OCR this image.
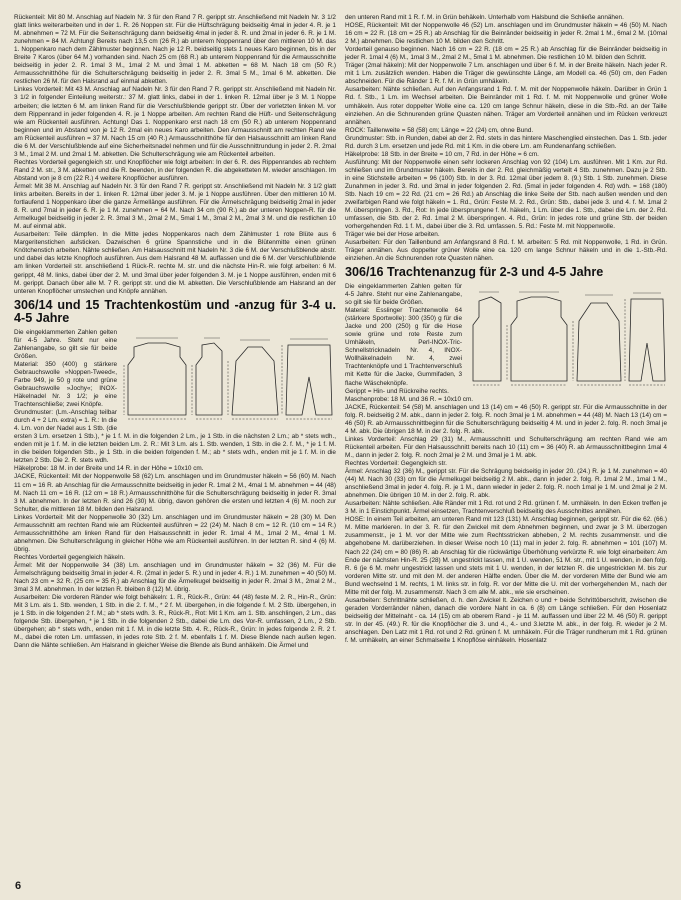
Rückenteil: Mit 80 M. Anschlag auf Nadeln Nr. 3 für den Rand 7 R. gerippt str. Anschließend mit Nadeln Nr. 3 1/2 glatt links weiterarbeiten und in der 1. R. 26 Noppen str. Für die Hüftschrägung beidseitig 4mal in jeder 4. R. je 1 M. abnehmen = 72 M. Für die Seitenschrägung dann beidseitig 4mal in jeder 8. R. und 2mal in jeder 6. R. je 1 M. zunehmen = 84 M. Achtung! Bereits nach 13,5 cm (26 R.) ab unterem Noppenrand über den mittleren 10 M. das 1. Noppenkaro nach dem Zählmuster beginnen. Nach je 12 R. beidseitig stets 1 neues Karo beginnen, bis in der Breite 7 Karos (über 64 M.) vorhanden sind. Nach 25 cm (68 R.) ab unterem Noppenrand für die Armausschnitte beidseitig in jeder 2. R. 1mal 3 M., 1mal 2 M. und 3mal 1 M. abketten = 68 M. Nach 18 cm (50 R.) Armausschnitthöhe für die Schulterschrägung beidseitig in jeder 2. R. 3mal 5 M., 1mal 6 M. abketten. Die restlichen 26 M. für den Halsrand auf einmal abketten.

Linkes Vorderteil: Mit 43 M. Anschlag auf Nadeln Nr. 3 für den Rand 7 R. gerippt str. Anschließend mit Nadeln Nr. 3 1/2 in folgender Einteilung weiterstr.: 37 M. glatt links, dabei in der 1. linken R. 12mal über je 3 M. 1 Noppe arbeiten; die letzten 6 M. am linken Rand für die Verschlußblende gerippt str. Über der vorletzten linken M. vor dem Rippenrand in jeder folgenden 4. R. je 1 Noppe arbeiten. Am rechten Rand die Hüft- und Seitenschrägung wie am Rückenteil ausführen. Achtung! Das 1. Noppenkaro erst nach 18 cm (50 R.) ab unterem Noppenrand beginnen und im Abstand von je 12 R. 2mal ein neues Karo arbeiten. Den Armausschnitt am rechten Rand wie am Rückenteil ausführen = 37 M. Nach 15 cm (40 R.) Armausschnitthöhe für den Halsausschnitt am linken Rand die 6 M. der Verschlußblende auf eine Sicherheitsnadel nehmen und für die Ausschnittrundung in jeder 2. R. 2mal 3 M., 1mal 2 M. und 2mal 1 M. abketten. Die Schulterschrägung wie am Rückenteil arbeiten.

Rechtes Vorderteil gegengleich str. und Knopflöcher wie folgt arbeiten: In der 6. R. des Rippenrandes ab rechtem Rand 2 M. str., 3 M. abketten und die R. beenden, in der folgenden R. die abgeketteten M. wieder anschlagen. Im Abstand von je 8 cm (22 R.) 4 weitere Knopflöcher ausführen.

Ärmel: Mit 38 M. Anschlag auf Nadeln Nr. 3 für den Rand 7 R. gerippt str. Anschließend mit Nadeln Nr. 3 1/2 glatt links arbeiten. Bereits in der 1. linken R. 12mal über jeder 3. M. je 1 Noppe ausführen. Über den mittleren 10 M. fortlaufend 1 Noppenkaro über die ganze Ärmellänge ausführen. Für die Ärmelschrägung beidseitig 2mal in jeder 8. R. und 7mal in jeder 6. R. je 1 M. zunehmen = 64 M. Nach 34 cm (90 R.) ab der unteren Noppen-R. für die Armelkugel beidseitig in jeder 2. R. 3mal 3 M., 2mal 2 M., 5mal 1 M., 3mal 2 M., 2mal 3 M. und die restlichen 10 M. auf einmal abk.

Ausarbeiten: Teile dämpfen. In die Mitte jedes Noppenkaros nach dem Zählmuster 1 rote Blüte aus 6 Margeritenstichen aufsticken. Dazwischen 6 grüne Spannstiche und in die Blütenmitte einen grünen Knötchenstich arbeiten. Nähte schließen. Am Halsausschnitt mit Nadeln Nr. 3 die 6 M. der Verschlußblende abstr. und dabei das letzte Knopfloch ausführen. Aus dem Halsrand 48 M. auffassen und die 6 M. der Verschlußblende am linken Vorderteil str. anschließend 1 Rück-R. rechte M. str. und die nächste Hin-R. wie folgt arbeiten: 6 M. gerippt, 48 M. links, dabei über der 2. M. und 3mal über jeder folgenden 3. M. je 1 Noppe ausführen, enden mit 6 M. gerippt. Danach über alle M. 7 R. gerippt str. und die M. abketten. Die Verschlußblende am Halsrand an der unteren Knopflöcher umstechen und Knöpfe annähen.

306/14 und 15 Trachtenkostüm und -anzug für 3-4 u. 4-5 Jahre

Die eingeklammerten Zahlen gelten für 4-5 Jahre. Steht nur eine Zahlenangabe, so gilt sie für beide Größen.

Material: 350 (400) g stärkere Gebrauchswolle »Noppen-Tweed«, Farbe 949, je 50 g rote und grüne Gebrauchswolle »Jochy«; INOX-Häkelnadel Nr. 3 1/2; je eine Trachtenschließe; zwei Knöpfe.

Grundmuster: (Lm.-Anschlag teilbar durch 4 + 2 Lm. extra) = 1. R.: In die 4. Lm. von der Nadel aus 1 Stb. (die ersten 3 Lm. ersetzen 1 Stb.), * je 1 f. M. in die folgenden 2 Lm., je 1 Stb. in die nächsten 2 Lm.; ab * stets wdh., enden mit je 1 f. M. in die letzten beiden Lm. 2. R.: Mit 3 Lm. als 1. Stb. wenden, 1 Stb. in die 2. f. M., * je 1 f. M. in die beiden folgenden Stb., je 1 Stb. in die beiden folgenden f. M.; ab * stets wdh., enden mit je 1 f. M. in die letzten 2 Stb. Die 2. R. stets wdh.

Häkelprobe: 18 M. in der Breite und 14 R. in der Höhe = 10x10 cm.

JACKE, Rückenteil: Mit der Noppenwolle 58 (62) Lm. anschlagen und im Grundmuster häkeln = 56 (60) M. Nach 11 cm = 16 R. ab Anschlag für die Armausschnitte beidseitig in jeder R. 1mal 2 M., 4mal 1 M. abnehmen = 44 (48) M. Nach 11 cm = 16 R. (12 cm = 18 R.) Armausschnitthöhe für die Schulterschrägung beidseitig in jeder R. 3mal 3 M. abnehmen. In der letzten R. sind 26 (30) M. übrig, davon gehören die ersten und letzten 4 (6) M. noch zur Schulter, die mittleren 18 M. bilden den Halsrand.

Linkes Vorderteil: Mit der Noppenwolle 30 (32) Lm. anschlagen und im Grundmuster häkeln = 28 (30) M. Den Armausschnitt am rechten Rand wie am Rückenteil ausführen = 22 (24) M. Nach 8 cm = 12 R. (10 cm = 14 R.) Armausschnitthöhe am linken Rand für den Halsausschnitt in jeder R. 1mal 4 M., 1mal 2 M., 4mal 1 M. abnehmen. Die Schulterschrägung in gleicher Höhe wie am Rückenteil ausführen. In der letzten R. sind 4 (6) M. übrig.

Rechtes Vorderteil gegengleich häkeln.

Ärmel: Mit der Noppenwolle 34 (38) Lm. anschlagen und im Grundmuster häkeln = 32 (36) M. Für die Ärmelschrägung beidseitig 3mal in jeder 4. R. (2mal in jeder 5. R.) und in jeder 4. R.) 1 M. zunehmen = 40 (50) M. Nach 23 cm = 32 R. (25 cm = 35 R.) ab Anschlag für die Ärmelkugel beidseitig in jeder R. 2mal 3 M., 2mal 2 M., 3mal 3 M. abnehmen. In der letzten R. bleiben 8 (12) M. übrig.

Ausarbeiten: Die vorderen Ränder wie folgt behäkeln: 1. R., Rück-R., Grün: 44 (48) feste M. 2. R., Hin-R., Grün: Mit 3 Lm. als 1. Stb. wenden, 1 Stb. in die 2. f. M., * 2 f. M. übergehen, in die folgende f. M. 2 Stb. übergehen, in je 1 Stb. in die folgenden 2 f. M.; ab * stets wdh. 3. R., Rück-R., Rot: Mit 1 Km. am 1. Stb. anschlingen, 2 Lm., das folgende Stb. übergehen, * je 1 Stb. in die folgenden 2 Stb., dabei die Lm. des Vor-R. umfassen, 2 Lm., 2 Stb. übergehen; ab * stets wdh., enden mit 1 f. M. in die letzte Stb. 4. R., Rück-R., Grün: In jedes folgende 2. R. 2 f. M., dabei die roten Lm. umfassen, in jedes rote Stb. 2 f. M. ebenfalls 1 f. M. Diese Blende nach außen legen. Dann die Nähte schließen. Am Halsrand in gleicher Weise die Blende als Bund anhäkeln. Die Ärmel und

den unteren Rand mit 1 R. f. M. in Grün behäkeln. Unterhalb vom Halsbund die Schließe annähen.

HOSE, Rückenteil: Mit der Noppenwolle 46 (52) Lm. anschlagen und im Grundmuster häkeln = 46 (50) M. Nach 16 cm = 22 R. (18 cm = 25 R.) ab Anschlag für die Beinränder beidseitig in jeder R. 2mal 1 M., 6mal 2 M. (10mal 2 M.) abnehmen. Die restlichen 10 M. bilden den Schritt.

Vorderteil genauso beginnen. Nach 16 cm = 22 R. (18 cm = 25 R.) ab Anschlag für die Beinränder beidseitig in jeder R. 1mal 4 (6) M., 1mal 3 M., 2mal 2 M., 5mal 1 M. abnehmen. Die restlichen 10 M. bilden den Schritt.

Träger (2mal häkeln): Mit der Noppenwolle 7 Lm. anschlagen und über 6 f. M. in der Breite häkeln. Nach jeder R. mit 1 Lm. zusätzlich wenden. Haben die Träger die gewünschte Länge, am Modell ca. 46 (50) cm, den Faden abschneiden. Für die Ränder 1 R. f. M. in Grün umhäkeln.

Ausarbeiten: Nähte schließen. Auf den Anfangsrand 1 Rd. f. M. mit der Noppenwolle häkeln. Darüber in Grün 1 Rd. f. Stb., 1 Lm. im Wechsel arbeiten. Die Beinränder mit 1 Rd. f. M. mit Noppenwolle und grüner Wolle umhäkeln. Aus roter doppelter Wolle eine ca. 120 cm lange Schnur häkeln, diese in die Stb.-Rd. an der Taille einziehen. An die Schnurenden grüne Quasten nähen. Träger am Vorderteil annähen und im Rücken verkreuzt annähen.

ROCK: Taillenweite = 58 (58) cm; Länge = 22 (24) cm, ohne Bund.

Grundmuster: Stb. in Runden, dabei ab der 2. Rd. stets in das hintere Maschenglied einstechen. Das 1. Stb. jeder Rd. durch 3 Lm. ersetzen und jede Rd. mit 1 Km. in die obere Lm. am Rundenanfang schließen.

Häkelprobe: 18 Stb. in der Breite = 10 cm, 7 Rd. in der Höhe = 6 cm.

Ausführung: Mit der Noppenwolle einen sehr lockeren Anschlag von 92 (104) Lm. ausführen. Mit 1 Km. zur Rd. schließen und im Grundmuster häkeln. Bereits in der 2. Rd. gleichmäßig verteilt 4 Stb. zunehmen. Dazu je 2 Stb. in eine Stichstelle arbeiten = 96 (100) Stb. In der 3. Rd. 12mal über jedem 8. (9.) Stb. 1 Stb. zunehmen. Diese Zunahmen in jeder 3. Rd. und 3mal in jeder folgenden 2. Rd. (5mal in jeder folgenden 4. Rd) wdh. = 168 (180) Stb. Nach 19 cm = 22 Rd. (21 cm = 26 Rd.) ab Anschlag die linke Seite der Stb. nach außen wenden und den zweifarbigen Rand wie folgt häkeln = 1. Rd., Grün: Feste M. 2. Rd., Grün: Stb., dabei jede 3. und 4. f. M. 1mal 2 M. überspringen. 3. Rd., Rot: In jede übersprungene f. M. häkeln, 1 Lm. über die 1. Stb., dabei die Lm. der 2. Rd. umfassen, die Stb. der 2. Rd. 1mal 2 M. überspringen. 4. Rd., Grün: In jedes rote und grüne Stb. der beiden vorhergehenden Rd. 1 f. M., dabei über die 3. Rd. umfassen. 5. Rd.: Feste M. mit Noppenwolle.

Träger wie bei der Hose arbeiten.

Ausarbeiten: Für den Taillenbund am Anfangsrand 8 Rd. f. M. arbeiten: 5 Rd. mit Noppenwolle, 1 Rd. in Grün. Träger annähen. Aus doppelter grüner Wolle eine ca. 120 cm lange Schnur häkeln und in die 1.-Stb.-Rd. einziehen. An die Schnurenden rote Quasten nähen.

306/16 Trachtenanzug für 2-3 und 4-5 Jahre

Die eingeklammerten Zahlen gelten für 4-5 Jahre. Steht nur eine Zahlenangabe, so gilt sie für beide Größen.

Material: Esslinger Trachtenwolle 64 (stärkere Sportwolle): 300 (350) g für die Jacke und 200 (250) g für die Hose sowie grüne und rote Reste zum Umhäkeln, Perl-INOX-Tric-Schnellstricknadeln Nr. 4, INOX-Wollhäkelnadeln Nr. 4, zwei Trachtenknöpfe und 1 Trachtenverschluß mit Kette für die Jacke, Gummifaden, 3 flache Wäscheknöpfe.

Gerippt = Hin- und Rückreihe rechts.

Maschenprobe: 18 M. und 36 R. = 10x10 cm.

JACKE, Rückenteil: 54 (58) M. anschlagen und 13 (14) cm = 46 (50) R. gerippt str. Für die Armausschnitte in der folg. R. beidseitig 2 M. abk., dann in jeder 2. folg. R. noch 3mal je 1 M. abnehmen = 44 (48) M. Nach 13 (14) cm = 46 (50) R. ab Armausschnittbeginn für die Schulterschrägung beidseitig 4 M. und in jeder 2. folg. R. noch 3mal je 4 M. abk. Die übrigen 18 M. in der 2. folg. R. abk.

Linkes Vorderteil: Anschlag 29 (31) M., Armausschnitt und Schulterschrägung am rechten Rand wie am Rückenteil arbeiten. Für den Halsausschnitt bereits nach 10 (11) cm = 36 (40) R. ab Armausschnittbeginn 1mal 4 M., dann in jeder 2. folg. R. noch 2mal je 2 M. und 3mal je 1 M. abk.

Rechtes Vorderteil: Gegengleich str.

Ärmel: Anschlag 32 (36) M., gerippt str. Für die Schrägung beidseitig in jeder 20. (24.) R. je 1 M. zunehmen = 40 (44) M. Nach 30 (33) cm für die Ärmelkugel beidseitig 2 M. abk., dann in jeder 2. folg. R. 1mal 2 M., 1mal 1 M., anschließend 3mal in jeder 4. folg. R. je 1 M., dann wieder in jeder 2. folg. R. noch 1mal je 1 M. und 2mal je 2 M. abnehmen. Die übrigen 10 M. in der 2. folg. R. abk.

Ausarbeiten: Nähte schließen. Alle Ränder mit 1 Rd. rot und 2 Rd. grünen f. M. umhäkeln. In den Ecken treffen je 3 M. in 1 Einstichpunkt. Ärmel einsetzen, Trachtenverschluß beidseitig des Ausschnittes annähen.

HOSE: In einem Teil arbeiten, am unteren Rand mit 123 (131) M. Anschlag beginnen, gerippt str. Für die 62. (66.) M. Mitte markieren. In der 3. R. für den Zwickel mit dem Abnehmen beginnen, und zwar je 3 M. überzogen zusammenstr., je 1 M. vor der Mitte wie zum Rechtsstricken abheben, 2 M. rechts zusammenstr. und die abgehobene M. darüberziehen. In dieser Weise noch 10 (11) mal in jeder 2. folg. R. abnehmen = 101 (107) M. Nach 22 (24) cm = 80 (86) R. ab Anschlag für die rückwärtige Überhöhung verkürzte R. wie folgt einarbeiten: Am Ende der nächsten Hin-R. 25 (28) M. ungestrickt lassen, mit 1 U. wenden, 51 M. str., mit 1 U. wenden, in den folg. R. 6 (je 6 M. mehr ungestrickt lassen und stets mit 1 U. wenden, in der letzten R. die ungestrickten M. bis zur vorderen Mitte str. und mit den M. der anderen Hälfte enden. Über die M. der vorderen Mitte der Bund wie am Bund wechselnd 1 M. rechts, 1 M. links str. in folg. R. vor der Mitte die U. mit der vorhergehenden M., nach der Mitte mit der folg. M. zusammenstr. Nach 3 cm alle M. abk., wie sie erscheinen.

Ausarbeiten: Schrittnähte schließen, d. h. den Zwickel lt. Zeichen o und + beide Schrittöberschritt, zwischen die geraden Vorderränder nähen, danach die vordere Naht in ca. 6 (8) cm Länge schließen. Für den Hosenlatz beidseitig der Mittelnaht - ca. 14 (15) cm ab oberem Rand - je 11 M. auffassen und über 22 M. 46 (50) R. gerippt str. In der 45. (49.) R. für die Knopflöcher die 3. und 4., 4.- und 3.letzte M. abk., in der folg. R. wieder je 2 M. anschlagen. Den Latz mit 1 Rd. rot und 2 Rd. grünen f. M. umhäkeln. Für die Träger rundherum mit 1 Rd. grünen f. M. umhäkeln, an einer Schmalseite 1 Knopflöse einhäkeln. Hosenlatz

6
